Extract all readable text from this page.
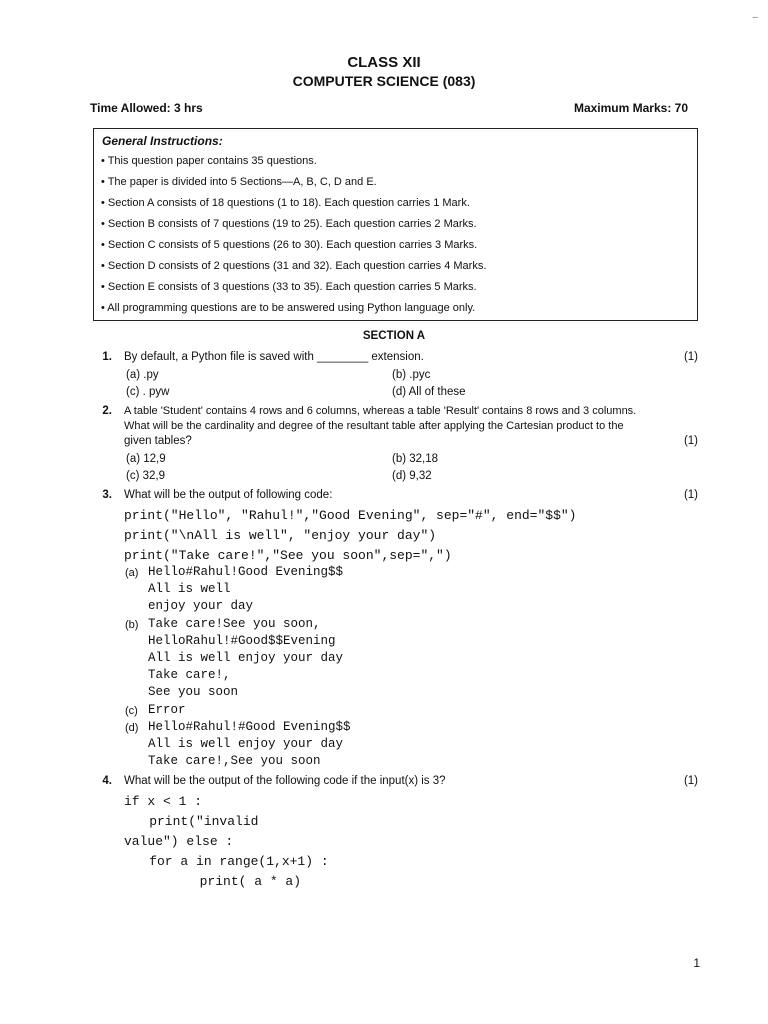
–
CLASS XII
COMPUTER SCIENCE (083)
Time Allowed: 3 hrs	Maximum Marks: 70
General Instructions:
• This question paper contains 35 questions.
• The paper is divided into 5 Sections—A, B, C, D and E.
• Section A consists of 18 questions (1 to 18). Each question carries 1 Mark.
• Section B consists of 7 questions (19 to 25). Each question carries 2 Marks.
• Section C consists of 5 questions (26 to 30). Each question carries 3 Marks.
• Section D consists of 2 questions (31 and 32). Each question carries 4 Marks.
• Section E consists of 3 questions (33 to 35). Each question carries 5 Marks.
• All programming questions are to be answered using Python language only.
SECTION A
1. By default, a Python file is saved with ________ extension.	(1)
(a) .py	(b) .pyc
(c) . pyw	(d) All of these
2. A table 'Student' contains 4 rows and 6 columns, whereas a table 'Result' contains 8 rows and 3 columns.
What will be the cardinality and degree of the resultant table after applying the Cartesian product to the
given tables?	(1)
(a) 12,9	(b) 32,18
(c) 32,9	(d) 9,32
3. What will be the output of following code:	(1)
print("Hello", "Rahul!","Good Evening", sep="#", end="$$")
print("\nAll is well", "enjoy your day")
print("Take care!","See you soon",sep=",")
(a) Hello#Rahul!Good Evening$$
All is well
enjoy your day
(b) Take care!See you soon,
HelloRahul!#Good$$Evening
All is well enjoy your day
Take care!,
See you soon
(c) Error
(d) Hello#Rahul!#Good Evening$$
All is well enjoy your day
Take care!,See you soon
4. What will be the output of the following code if the input(x) is 3?	(1)
if x < 1 :
print("invalid
value") else :
for a in range(1,x+1) :
print( a * a)
1
